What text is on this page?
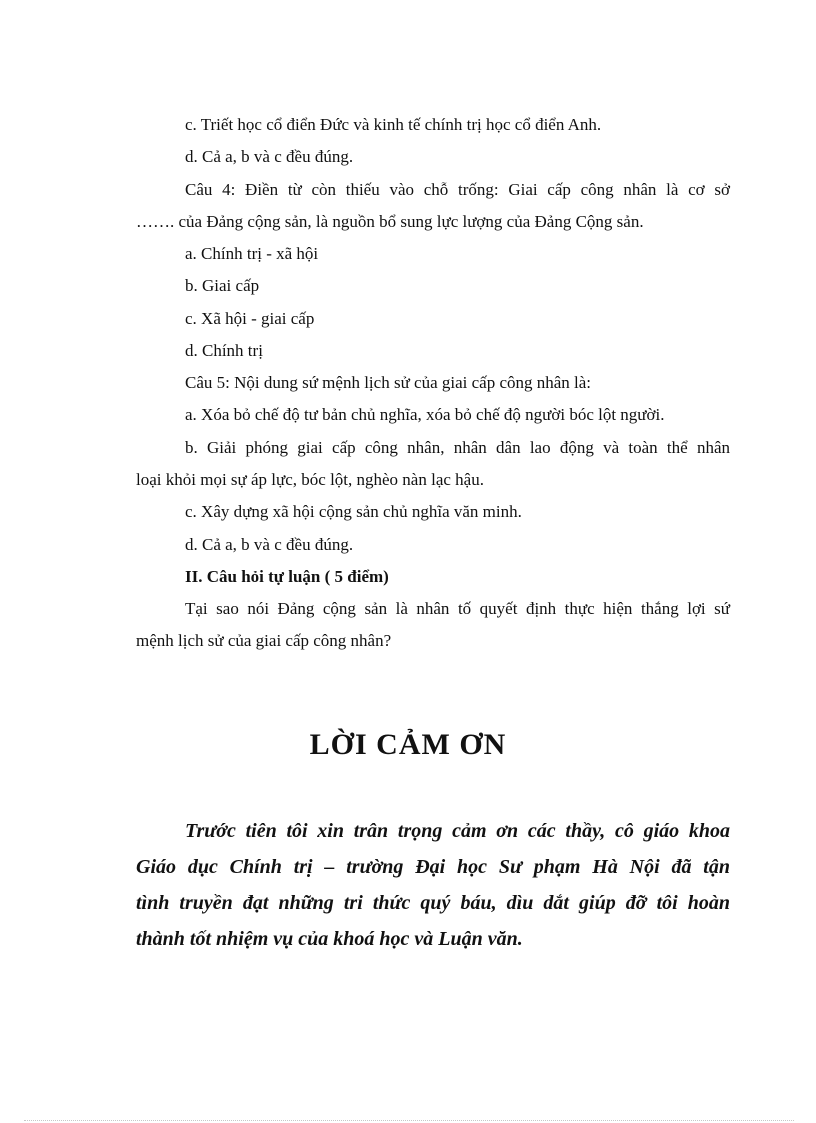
c. Triết học cổ điển Đức và kinh tế chính trị học cổ điển Anh.
d. Cả a, b và c đều đúng.
Câu 4: Điền từ còn thiếu vào chỗ trống: Giai cấp công nhân là cơ sở
……. của Đảng cộng sản, là nguồn bổ sung lực lượng của Đảng Cộng sản.
a. Chính trị - xã hội
b. Giai cấp
c. Xã hội - giai cấp
d. Chính trị
Câu 5: Nội dung sứ mệnh lịch sử của giai cấp công nhân là:
a. Xóa bỏ chế độ tư bản chủ nghĩa, xóa bỏ chế độ người bóc lột người.
b. Giải phóng giai cấp công nhân, nhân dân lao động và toàn thể nhân
loại khỏi mọi sự áp lực, bóc lột, nghèo nàn lạc hậu.
c. Xây dựng xã hội cộng sản chủ nghĩa văn minh.
d. Cả a, b và c đều đúng.
II. Câu hỏi tự luận ( 5 điểm)
Tại sao nói Đảng cộng sản là nhân tố quyết định thực hiện thắng lợi sứ
mệnh lịch sử của giai cấp công nhân?
LỜI CẢM ƠN
Trước tiên tôi xin trân trọng cảm ơn các thầy, cô giáo khoa
Giáo dục Chính trị – trường Đại học Sư phạm Hà Nội đã tận
tình truyền đạt những tri thức quý báu, dìu dắt giúp đỡ tôi hoàn
thành tốt nhiệm vụ của khoá học và Luận văn.
